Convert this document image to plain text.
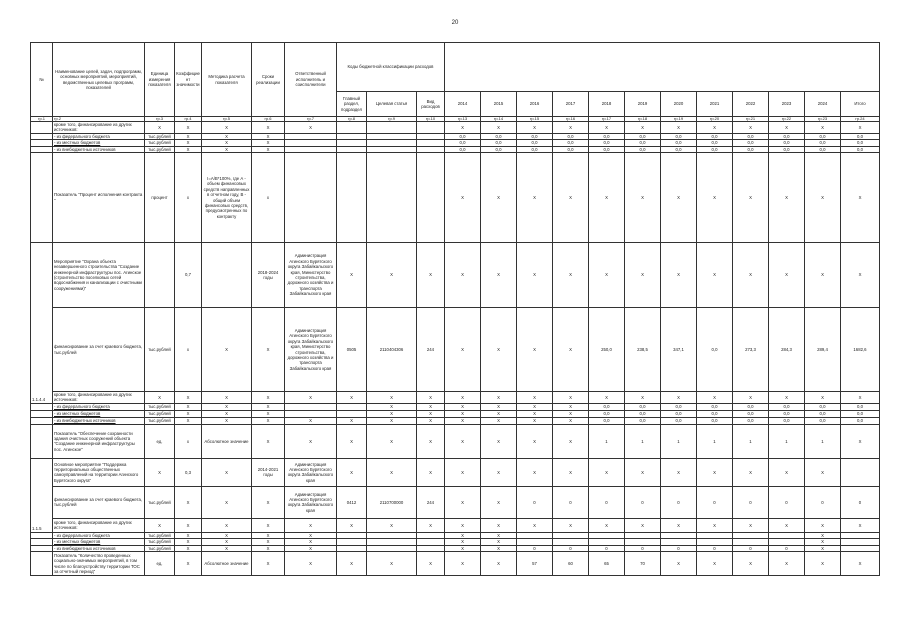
20
№	Наименование целей, задач, подпрограмм, основных мероприятий, мероприятий, ведомственных целевых программ, показателей	Единица измерения показателя	Коэффициент значимости	Методика расчета показателя	Сроки реализации	Ответственный исполнитель и соисполнители	Коды бюджетной классификации расходов														
							Главный раздел, подраздел	Целевая статья	Вид расходов	2014	2015	2016	2017	2018	2019	2020	2021	2022	2023	2024	Итого
гр.1	гр.2	гр.3	гр.4	гр.5	гр.6	гр.7	гр.8	гр.9	гр.10	гр.13	гр.14	гр.15	гр.16	гр.17	гр.18	гр.19	гр.20	гр.21	гр.22	гр.23	гр.24
	кроме того, финансирование из других источников:	Х	Х	Х	Х	Х				Х	Х	Х	Х	Х	Х	Х	Х	Х	Х	Х	Х
	- из федерального бюджета	тыс.рублей	Х	Х	Х					0,0	0,0	0,0	0,0	0,0	0,0	0,0	0,0	0,0	0,0	0,0	0,0
	- из местных бюджетов	тыс.рублей	Х	Х	Х					0,0	0,0	0,0	0,0	0,0	0,0	0,0	0,0	0,0	0,0	0,0	0,0
	- из внебюджетных источников	тыс.рублей	Х	Х	Х					0,0	0,0	0,0	0,0	0,0	0,0	0,0	0,0	0,0	0,0	0,0	0,0
	Показатель "Процент исполнения контракта "	процент	х	I=A/B*100%, где А - объем финансовых средств направленных в отчетном году, В - общий объем финансовых средств, предусмотренных по контракту	х					Х	Х	Х	Х	Х	Х	Х	Х	Х	Х	Х	Х
1.1.4.4	Мероприятие "Охрана объекта незавершенного строительства "Создание инженерной инфраструктуры пос. Агинское (строительство поселковых сетей водоснабжения и канализации с очистными сооружениями)"		0,7		2018-2024 годы	Администрация Агинского Бурятского округа Забайкальского края, Министерство строительства, дорожного хозяйства и транспорта Забайкальского края	Х	Х	Х	Х	Х	Х	Х	Х	Х	Х	Х	Х	Х	Х	Х
	финансирование за счет краевого бюджета, тыс.рублей	тыс.рублей	х	Х	Х	Администрация Агинского Бурятского округа Забайкальского края, Министерство строительства, дорожного хозяйства и транспорта Забайкальского края	0505	2110404306	244	Х	Х	Х	Х	250,0	238,5	347,1	0,0	273,3	284,3	289,4	1682,6
	кроме того, финансирование из других источников:	Х	Х	Х	Х	Х	Х	Х	Х	Х	Х	Х	Х	Х	Х	Х	Х	Х	Х	Х	Х
	- из федерального бюджета	тыс.рублей	Х	Х	Х			Х	Х	Х	Х	Х	Х	0,0	0,0	0,0	0,0	0,0	0,0	0,0	0,0
	- из местных бюджетов	тыс.рублей	Х	Х	Х			Х	Х	Х	Х	Х	Х	0,0	0,0	0,0	0,0	0,0	0,0	0,0	0,0
	- из внебюджетных источников	тыс.рублей	Х	Х	Х	Х	Х	Х	Х	Х	Х	Х	Х	0,0	0,0	0,0	0,0	0,0	0,0	0,0	0,0
	Показатель "Обеспечение сохранности здания очистных сооружений объекта "Создание инженерной инфраструктуры пос. Агинское"	ед.	х	Абсолютное значение	Х	Х	Х	Х	Х	Х	Х	Х	Х	1	1	1	1	1	1	1	Х
1.1.5	Основное мероприятие "Поддержка территориальных общественных самоуправлений на территории Агинского Бурятского округа"	Х	0,3	Х	2014-2021 годы	Администрация Агинского Бурятского округа Забайкальского края	Х	Х	Х	Х	Х	Х	Х	Х	Х	Х	Х	Х	Х	Х	
	финансирование за счет краевого бюджета, тыс.рублей	тыс.рублей	Х	Х	Х	Администрация Агинского Бурятского округа Забайкальского края	0412	2110700000	244	Х	Х	0	0	0	0	0	0	0	0	0	0
	кроме того, финансирование из других источников:	Х	Х	Х	Х	Х	Х	Х	Х	Х	Х	Х	Х	Х	Х	Х	Х	Х	Х	Х	Х
	- из федерального бюджета	тыс.рублей	Х	Х	Х	Х				Х	Х									Х	
	- из местных бюджетов	тыс.рублей	Х	Х	Х	Х				Х	Х									Х	
	- из внебюджетных источников	тыс.рублей	Х	Х	Х	Х				Х	Х	0	0	0	0	0	0	0	0	Х	
	Показатель "Количество проведенных социально-значимых мероприятий, в том числе по благоустройству территории ТОС за отчетный период"	ед.	Х	Абсолютное значение	Х	Х	Х	Х	Х	Х	Х	57	60	65	70	Х	Х	Х	Х	Х	Х
